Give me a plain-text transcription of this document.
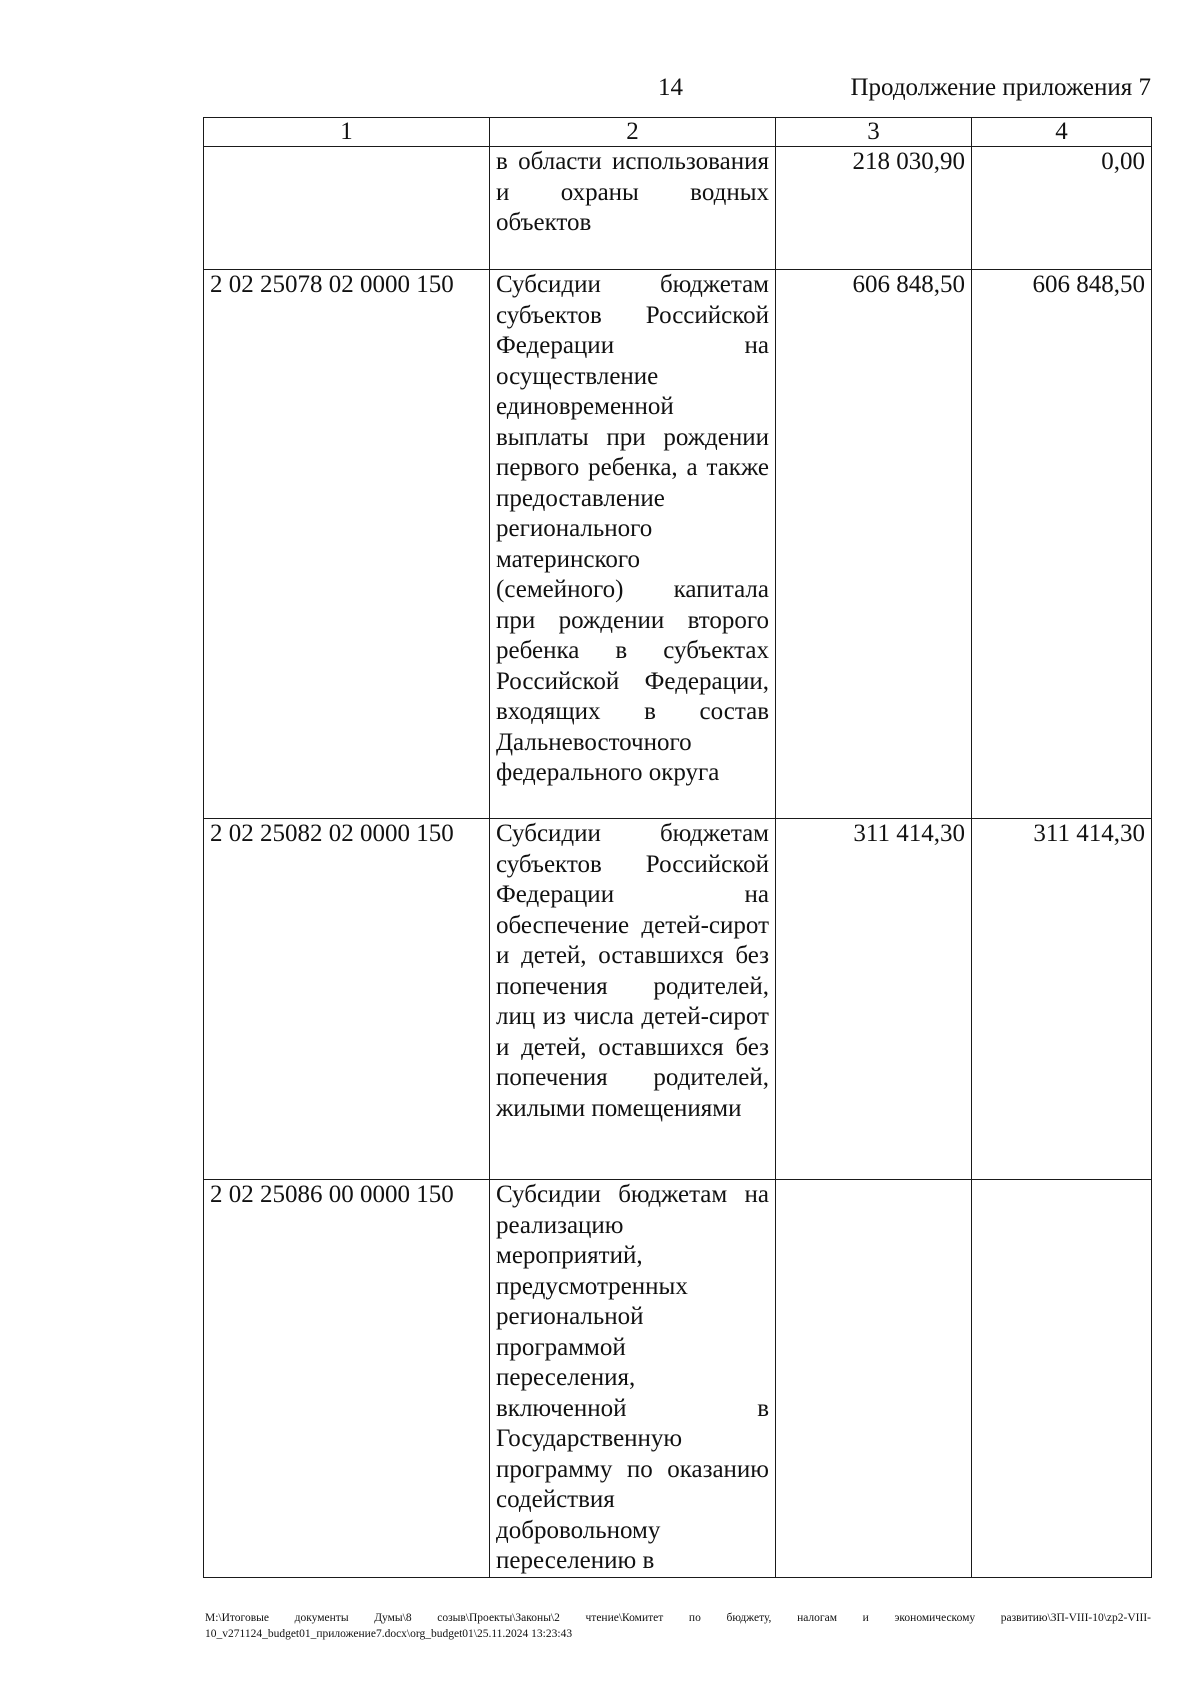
14	Продолжение приложения 7
1	2	3	4
	в области использования и охраны водных объектов	218 030,90	0,00
2 02 25078 02 0000 150	Субсидии бюджетам субъектов Российской Федерации на осуществление единовременной выплаты при рождении первого ребенка, а также предоставление регионального материнского (семейного) капитала при рождении второго ребенка в субъектах Российской Федерации, входящих в состав Дальневосточного федерального округа	606 848,50	606 848,50
2 02 25082 02 0000 150	Субсидии бюджетам субъектов Российской Федерации на обеспечение детей-сирот и детей, оставшихся без попечения родителей, лиц из числа детей-сирот и детей, оставшихся без попечения родителей, жилыми помещениями	311 414,30	311 414,30
2 02 25086 00 0000 150	Субсидии бюджетам на реализацию мероприятий, предусмотренных региональной программой переселения, включенной в Государственную программу по оказанию содействия добровольному переселению в		
M:\Итоговые документы Думы\8 созыв\Проекты\Законы\2 чтение\Комитет по бюджету, налогам и экономическому развитию\ЗП-VIII-10\zp2-VIII-10_v271124_budget01_приложение7.docx\org_budget01\25.11.2024 13:23:43
